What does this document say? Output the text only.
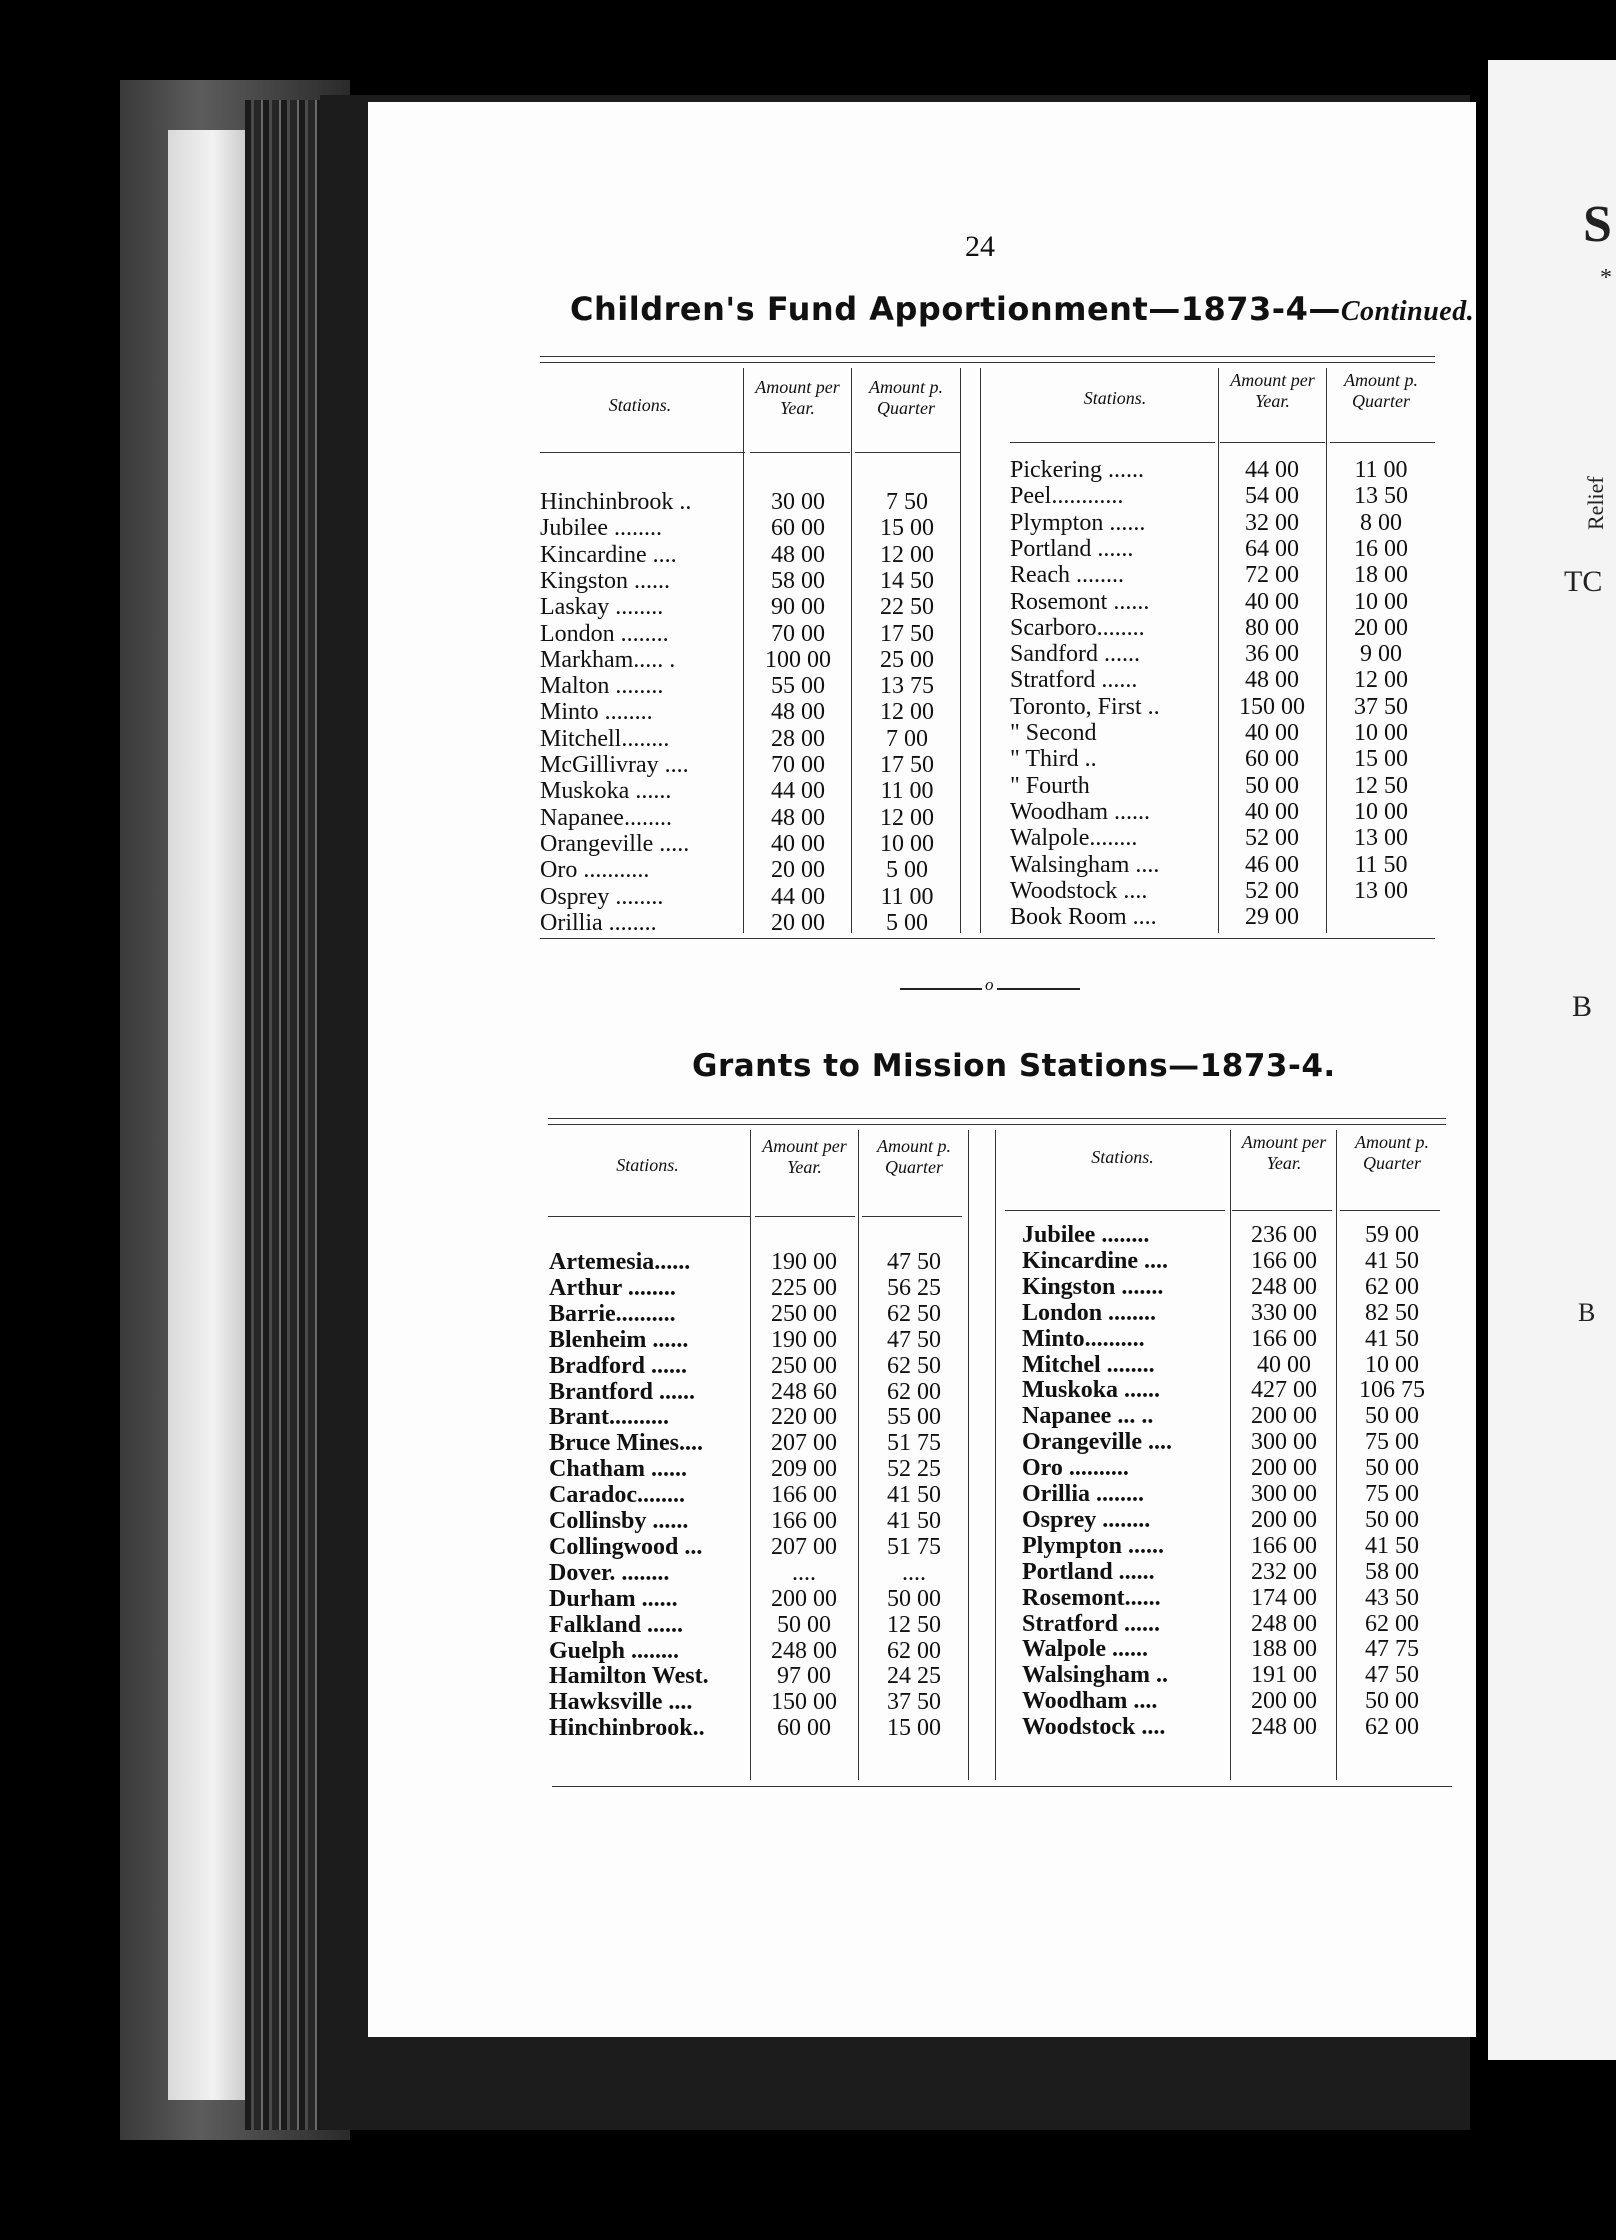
S
*
Relief
TC
B
B
24
Children's Fund Apportionment—1873-4—Continued.
Stations.
Amount per Year.
Amount p. Quarter	Stations.
Amount per Year.
Amount p. Quarter
Hinchinbrook ..	30 00	7 50
Jubilee ........	60 00	15 00
Kincardine ....	48 00	12 00
Kingston ......	58 00	14 50
Laskay ........	90 00	22 50
London ........	70 00	17 50
Markham..... .	100 00	25 00
Malton ........	55 00	13 75
Minto ........	48 00	12 00
Mitchell........	28 00	7 00
McGillivray ....	70 00	17 50
Muskoka ......	44 00	11 00
Napanee........	48 00	12 00
Orangeville .....	40 00	10 00
Oro ...........	20 00	5 00
Osprey ........	44 00	11 00
Orillia ........	20 00	5 00
Pickering ......	44 00	11 00
Peel............	54 00	13 50
Plympton ......	32 00	8 00
Portland ......	64 00	16 00
Reach ........	72 00	18 00
Rosemont ......	40 00	10 00
Scarboro........	80 00	20 00
Sandford ......	36 00	9 00
Stratford ......	48 00	12 00
Toronto, First ..	150 00	37 50
" Second	40 00	10 00
" Third ..	60 00	15 00
" Fourth	50 00	12 50
Woodham ......	40 00	10 00
Walpole........	52 00	13 00
Walsingham ....	46 00	11 50
Woodstock ....	52 00	13 00
Book Room ....	29 00
o
Grants to Mission Stations—1873-4.
Stations.
Amount per Year.
Amount p. Quarter	Stations.
Amount per Year.
Amount p. Quarter
Artemesia......	190 00	47 50
Arthur ........	225 00	56 25
Barrie..........	250 00	62 50
Blenheim ......	190 00	47 50
Bradford ......	250 00	62 50
Brantford ......	248 60	62 00
Brant..........	220 00	55 00
Bruce Mines....	207 00	51 75
Chatham ......	209 00	52 25
Caradoc........	166 00	41 50
Collinsby ......	166 00	41 50
Collingwood ...	207 00	51 75
Dover. ........	....	....
Durham ......	200 00	50 00
Falkland ......	50 00	12 50
Guelph ........	248 00	62 00
Hamilton West.	97 00	24 25
Hawksville ....	150 00	37 50
Hinchinbrook..	60 00	15 00
Jubilee ........	236 00	59 00
Kincardine ....	166 00	41 50
Kingston .......	248 00	62 00
London ........	330 00	82 50
Minto..........	166 00	41 50
Mitchel ........	40 00	10 00
Muskoka ......	427 00	106 75
Napanee ... ..	200 00	50 00
Orangeville ....	300 00	75 00
Oro ..........	200 00	50 00
Orillia ........	300 00	75 00
Osprey ........	200 00	50 00
Plympton ......	166 00	41 50
Portland ......	232 00	58 00
Rosemont......	174 00	43 50
Stratford ......	248 00	62 00
Walpole ......	188 00	47 75
Walsingham ..	191 00	47 50
Woodham ....	200 00	50 00
Woodstock ....	248 00	62 00
